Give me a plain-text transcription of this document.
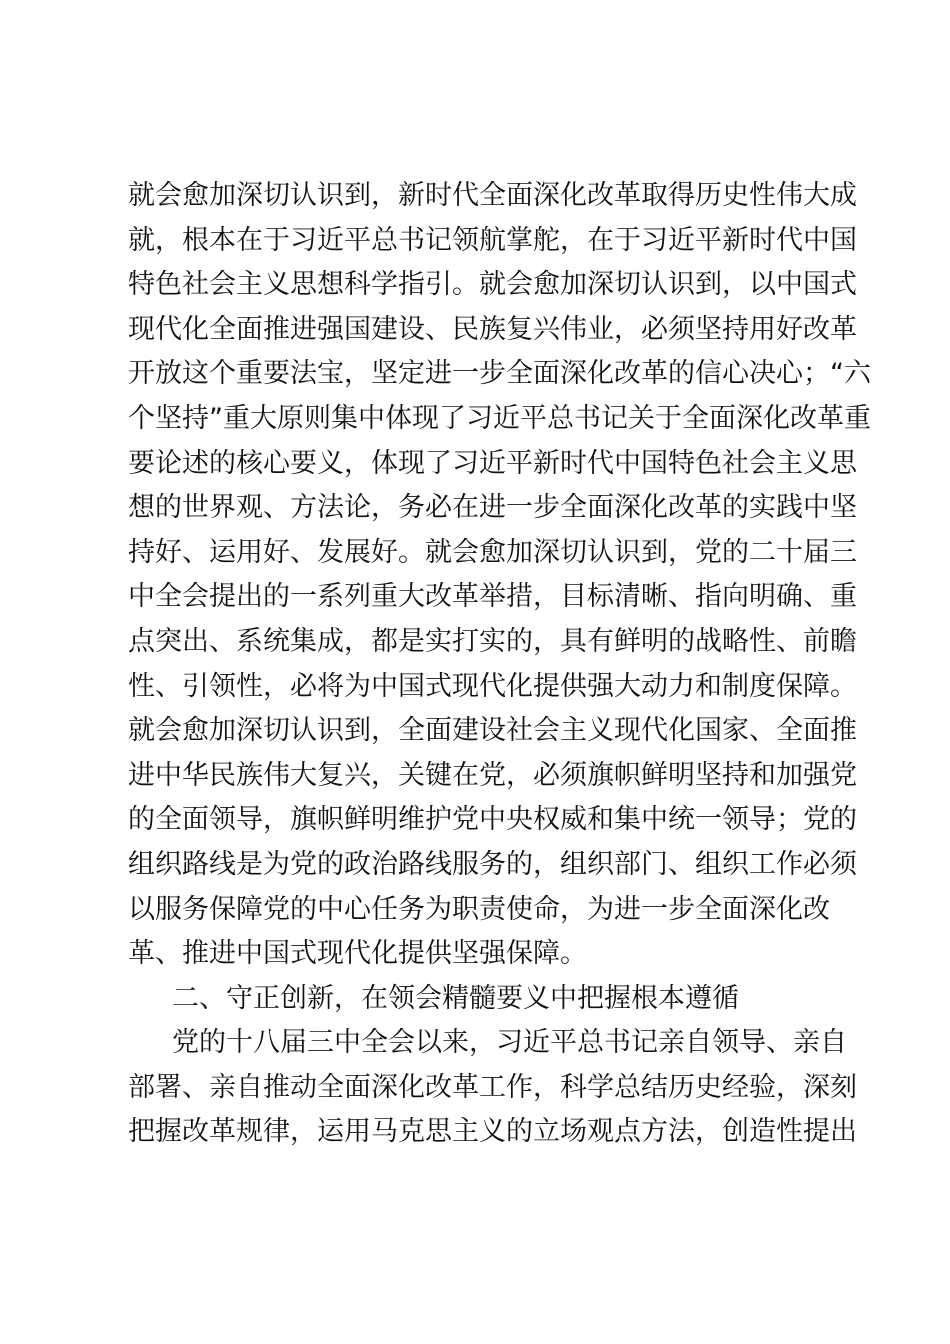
就会愈加深切认识到，新时代全面深化改革取得历史性伟大成
就，根本在于习近平总书记领航掌舵，在于习近平新时代中国
特色社会主义思想科学指引。就会愈加深切认识到，以中国式
现代化全面推进强国建设、民族复兴伟业，必须坚持用好改革
开放这个重要法宝，坚定进一步全面深化改革的信心决心；“六
个坚持”重大原则集中体现了习近平总书记关于全面深化改革重
要论述的核心要义，体现了习近平新时代中国特色社会主义思
想的世界观、方法论，务必在进一步全面深化改革的实践中坚
持好、运用好、发展好。就会愈加深切认识到，党的二十届三
中全会提出的一系列重大改革举措，目标清晰、指向明确、重
点突出、系统集成，都是实打实的，具有鲜明的战略性、前瞻
性、引领性，必将为中国式现代化提供强大动力和制度保障。
就会愈加深切认识到，全面建设社会主义现代化国家、全面推
进中华民族伟大复兴，关键在党，必须旗帜鲜明坚持和加强党
的全面领导，旗帜鲜明维护党中央权威和集中统一领导；党的
组织路线是为党的政治路线服务的，组织部门、组织工作必须
以服务保障党的中心任务为职责使命，为进一步全面深化改
革、推进中国式现代化提供坚强保障。
二、守正创新，在领会精髓要义中把握根本遵循
党的十八届三中全会以来，习近平总书记亲自领导、亲自
部署、亲自推动全面深化改革工作，科学总结历史经验，深刻
把握改革规律，运用马克思主义的立场观点方法，创造性提出
